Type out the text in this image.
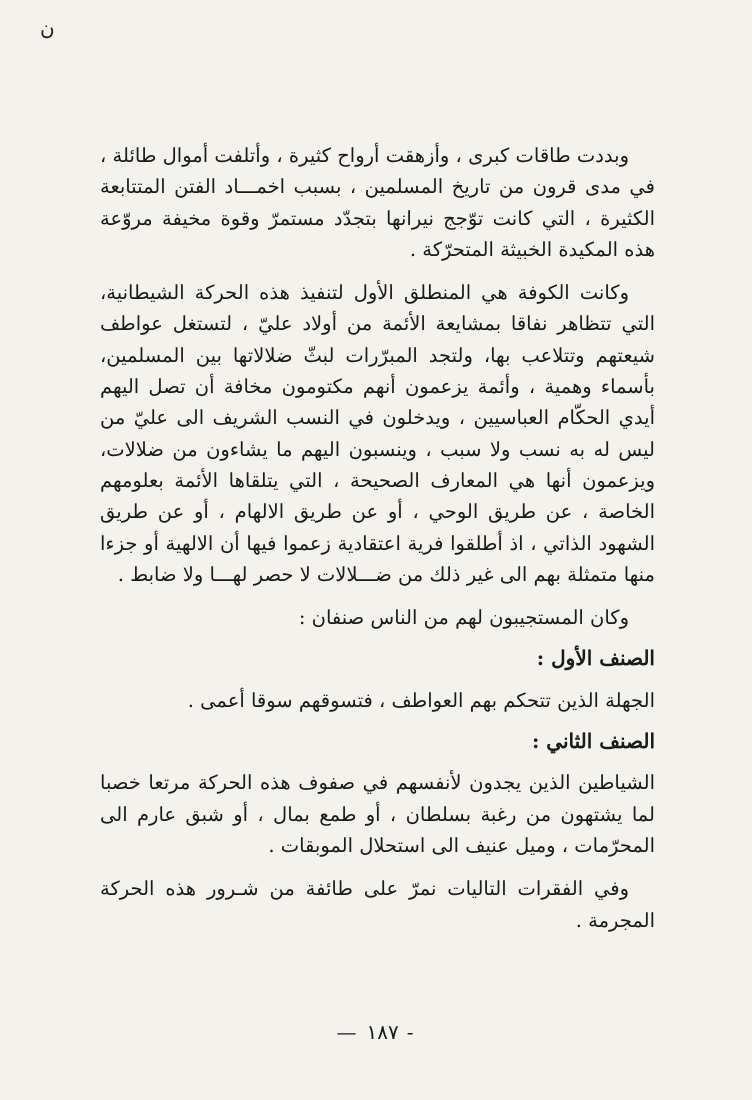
ن

وبددت طاقات كبرى ، وأزهقت أرواح كثيرة ، وأتلفت أموال طائلة ، في مدى قرون من تاريخ المسلمين ، بسبب اخمـــاد الفتن المتتابعة الكثيرة ، التي كانت توّجج نيرانها بتجدّد مستمرّ وقوة مخيفة مروّعة هذه المكيدة الخبيثة المتحرّكة .

وكانت الكوفة هي المنطلق الأول لتنفيذ هذه الحركة الشيطانية، التي تتظاهر نفاقا بمشايعة الأئمة من أولاد عليّ ، لتستغل عواطف شيعتهم وتتلاعب بها، ولتجد المبرّرات لبثّ ضلالاتها بين المسلمين، بأسماء وهمية ، وأئمة يزعمون أنهم مكتومون مخافة أن تصل اليهم أيدي الحكّام العباسيين ، ويدخلون في النسب الشريف الى عليّ من ليس له به نسب ولا سبب ، وينسبون اليهم ما يشاءون من ضلالات، ويزعمون أنها هي المعارف الصحيحة ، التي يتلقاها الأئمة بعلومهم الخاصة ، عن طريق الوحي ، أو عن طريق الالهام ، أو عن طريق الشهود الذاتي ، اذ أطلقوا فرية اعتقادية زعموا فيها أن الالهية أو جزءا منها متمثلة بهم الى غير ذلك من ضـــلالات لا حصر لهـــا ولا ضابط .

وكان المستجيبون لهم من الناس صنفان :

الصنف الأول :

الجهلة الذين تتحكم بهم العواطف ، فتسوقهم سوقا أعمى .

الصنف الثاني :

الشياطين الذين يجدون لأنفسهم في صفوف هذه الحركة مرتعا خصبا لما يشتهون من رغبة بسلطان ، أو طمع بمال ، أو شبق عارم الى المحرّمات ، وميل عنيف الى استحلال الموبقات .

وفي الفقرات التاليات نمرّ على طائفة من شـرور هذه الحركة المجرمة .

— ١٨٧ -
